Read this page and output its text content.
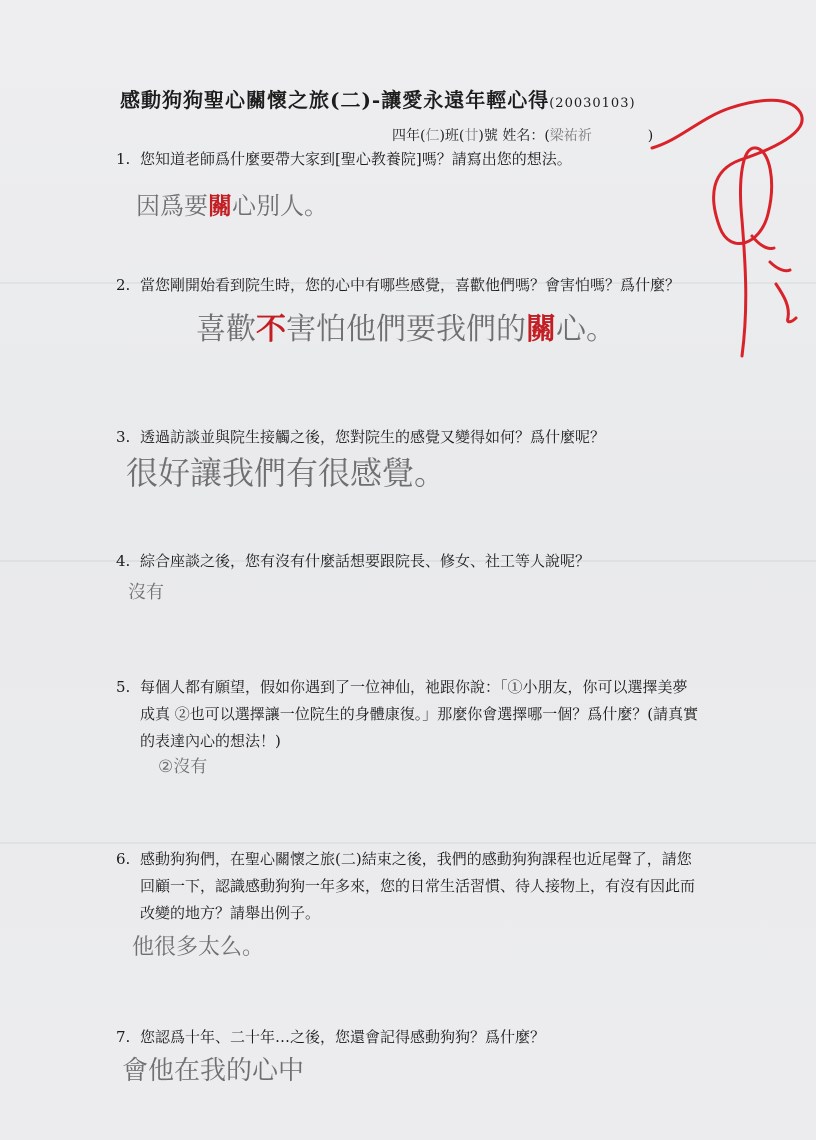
感動狗狗聖心關懷之旅(二)-讓愛永遠年輕心得(20030103)
四年(仁)班(廿)號 姓名：(梁祐祈	)
1. 您知道老師爲什麼要帶大家到[聖心教養院]嗎？請寫出您的想法。
因爲要關心別人。
2. 當您剛開始看到院生時，您的心中有哪些感覺，喜歡他們嗎？會害怕嗎？爲什麼？
喜歡不害怕他們要我們的關心。
3. 透過訪談並與院生接觸之後，您對院生的感覺又變得如何？爲什麼呢？
很好讓我們有很感覺。
4. 綜合座談之後，您有沒有什麼話想要跟院長、修女、社工等人說呢？
沒有
5. 每個人都有願望，假如你遇到了一位神仙，祂跟你說：「①小朋友，你可以選擇美夢成真 ②也可以選擇讓一位院生的身體康復。」那麼你會選擇哪一個？爲什麼？(請真實的表達內心的想法！)
②沒有
6. 感動狗狗們，在聖心關懷之旅(二)結束之後，我們的感動狗狗課程也近尾聲了，請您回顧一下，認識感動狗狗一年多來，您的日常生活習慣、待人接物上，有沒有因此而改變的地方？請舉出例子。
他很多太么。
7. 您認爲十年、二十年…之後，您還會記得感動狗狗？爲什麼？
會他在我的心中
